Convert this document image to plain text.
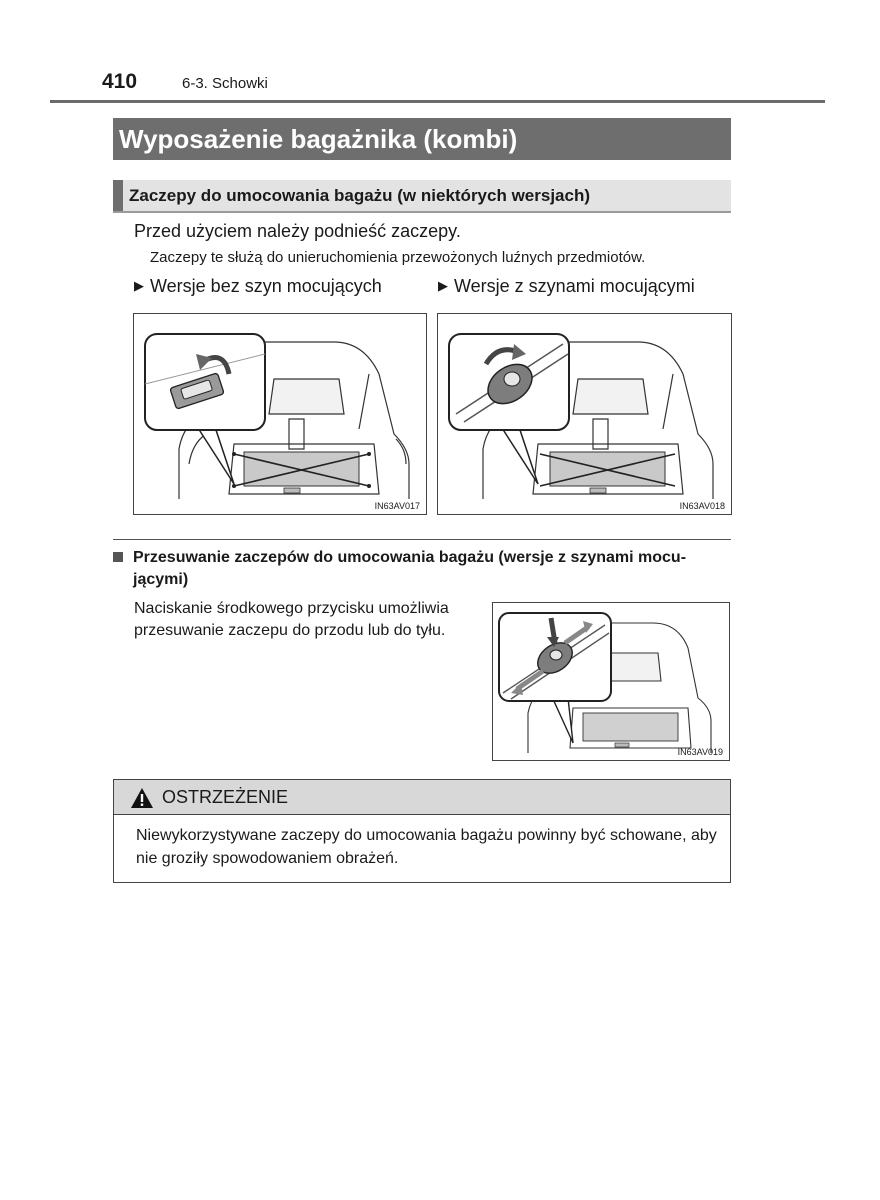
410	6-3. Schowki
Wyposażenie bagażnika (kombi)
Zaczepy do umocowania bagażu (w niektórych wersjach)
Przed użyciem należy podnieść zaczepy.
Zaczepy te służą do unieruchomienia przewożonych luźnych przedmiotów.
▶ Wersje bez szyn mocujących	▶ Wersje z szynami mocującymi
IN63AV017	IN63AV018
Przesuwanie zaczepów do umocowania bagażu (wersje z szynami mocu- jącymi)
Naciskanie środkowego przycisku umożliwia przesuwanie zaczepu do przodu lub do tyłu.
IN63AV019
OSTRZEŻENIE
Niewykorzystywane zaczepy do umocowania bagażu powinny być schowane, aby nie groziły spowodowaniem obrażeń.
